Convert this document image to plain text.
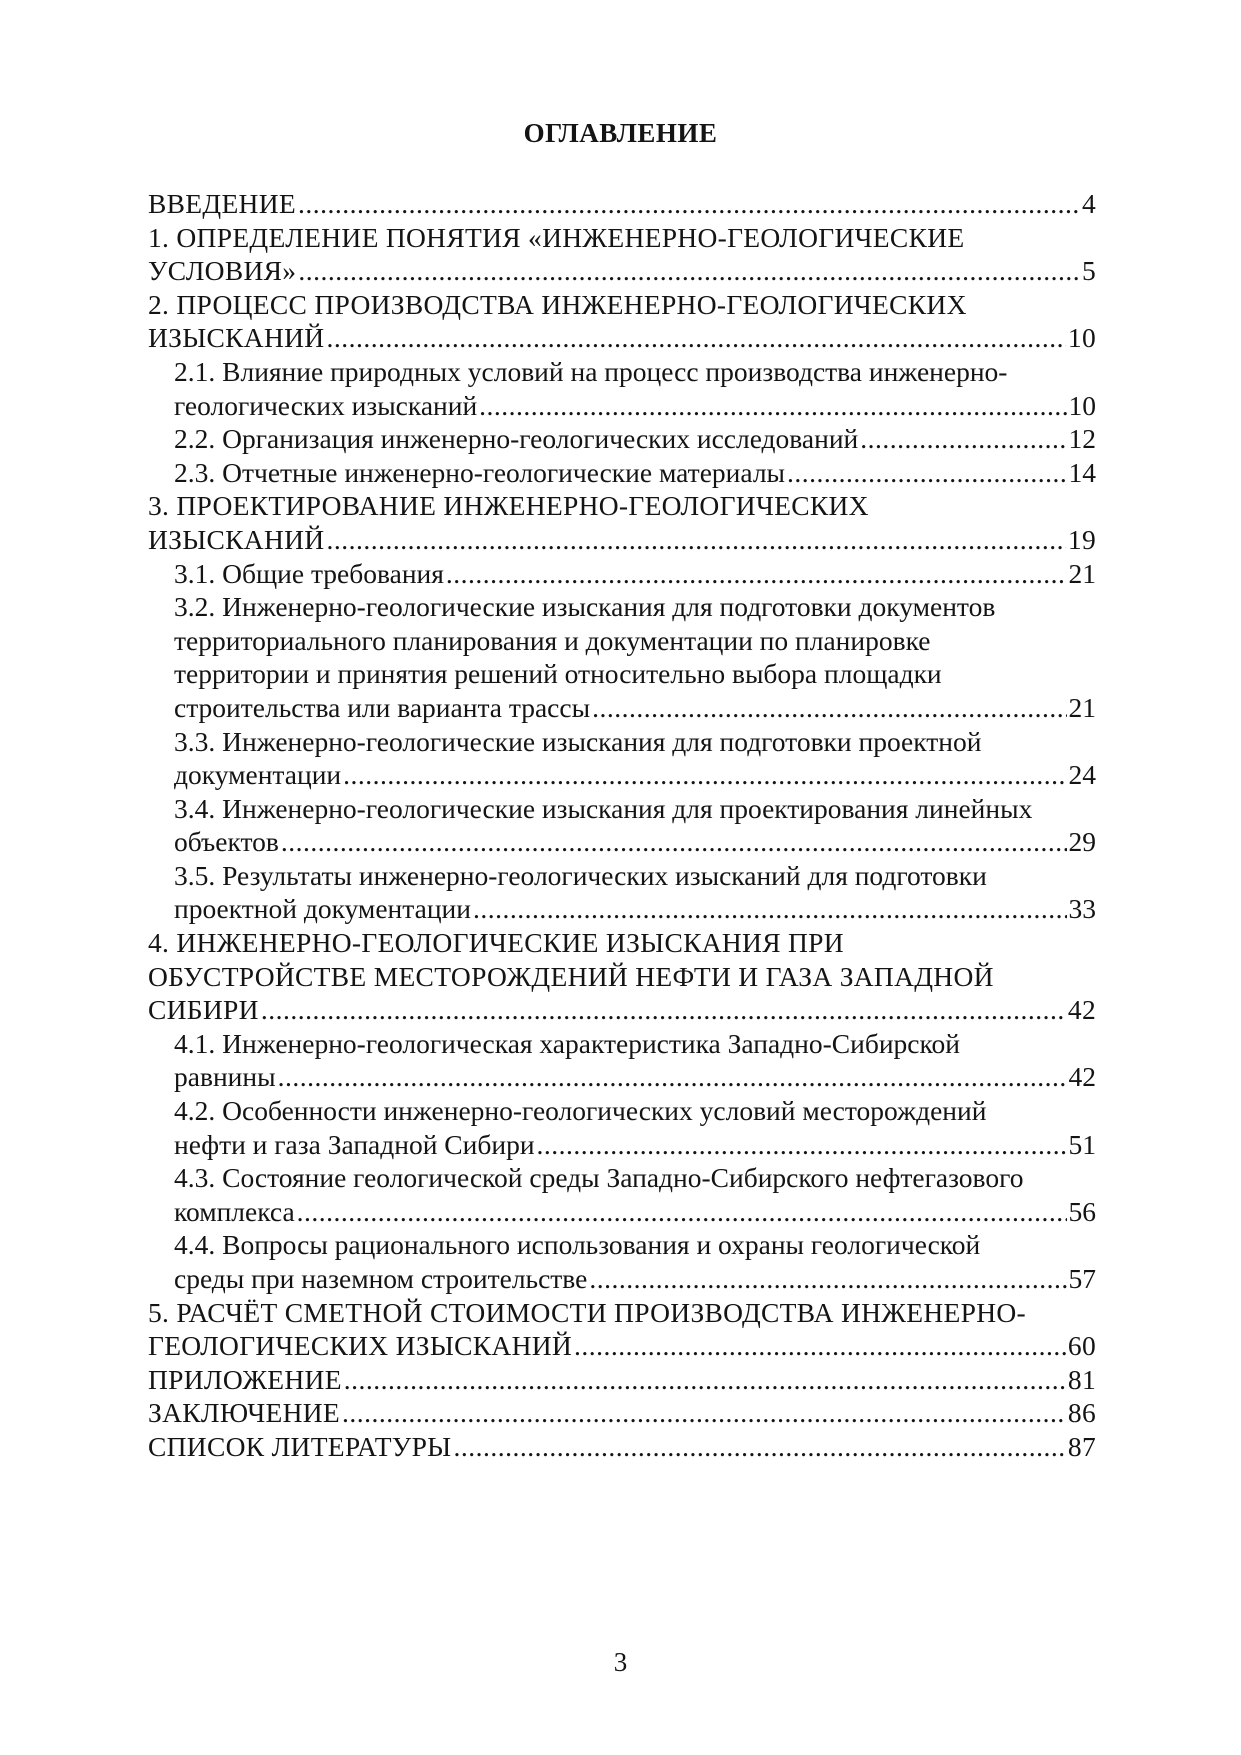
ОГЛАВЛЕНИЕ
ВВЕДЕНИЕ .....	4
1. ОПРЕДЕЛЕНИЕ ПОНЯТИЯ «ИНЖЕНЕРНО-ГЕОЛОГИЧЕСКИЕ
УСЛОВИЯ» .....	5
2. ПРОЦЕСС ПРОИЗВОДСТВА ИНЖЕНЕРНО-ГЕОЛОГИЧЕСКИХ
ИЗЫСКАНИЙ .....	10
2.1. Влияние природных условий на процесс производства инженерно-
геологических изысканий .....	10
2.2. Организация инженерно-геологических исследований .....	12
2.3. Отчетные инженерно-геологические материалы .....	14
3. ПРОЕКТИРОВАНИЕ ИНЖЕНЕРНО-ГЕОЛОГИЧЕСКИХ
ИЗЫСКАНИЙ .....	19
3.1. Общие требования .....	21
3.2. Инженерно-геологические изыскания для подготовки документов
территориального планирования и документации по планировке
территории и принятия решений относительно выбора площадки
строительства или варианта трассы .....	21
3.3. Инженерно-геологические изыскания для подготовки проектной
документации .....	24
3.4. Инженерно-геологические изыскания для проектирования линейных
объектов .....	29
3.5. Результаты инженерно-геологических изысканий для подготовки
проектной документации .....	33
4. ИНЖЕНЕРНО-ГЕОЛОГИЧЕСКИЕ ИЗЫСКАНИЯ ПРИ
ОБУСТРОЙСТВЕ МЕСТОРОЖДЕНИЙ НЕФТИ И ГАЗА ЗАПАДНОЙ
СИБИРИ .....	42
4.1. Инженерно-геологическая характеристика Западно-Сибирской
равнины .....	42
4.2. Особенности инженерно-геологических условий месторождений
нефти и газа Западной Сибири .....	51
4.3. Состояние геологической среды Западно-Сибирского нефтегазового
комплекса .....	56
4.4. Вопросы рационального использования и охраны геологической
среды при наземном строительстве .....	57
5. РАСЧЁТ СМЕТНОЙ СТОИМОСТИ ПРОИЗВОДСТВА ИНЖЕНЕРНО-
ГЕОЛОГИЧЕСКИХ ИЗЫСКАНИЙ .....	60
ПРИЛОЖЕНИЕ .....	81
ЗАКЛЮЧЕНИЕ .....	86
СПИСОК ЛИТЕРАТУРЫ .....	87
3
